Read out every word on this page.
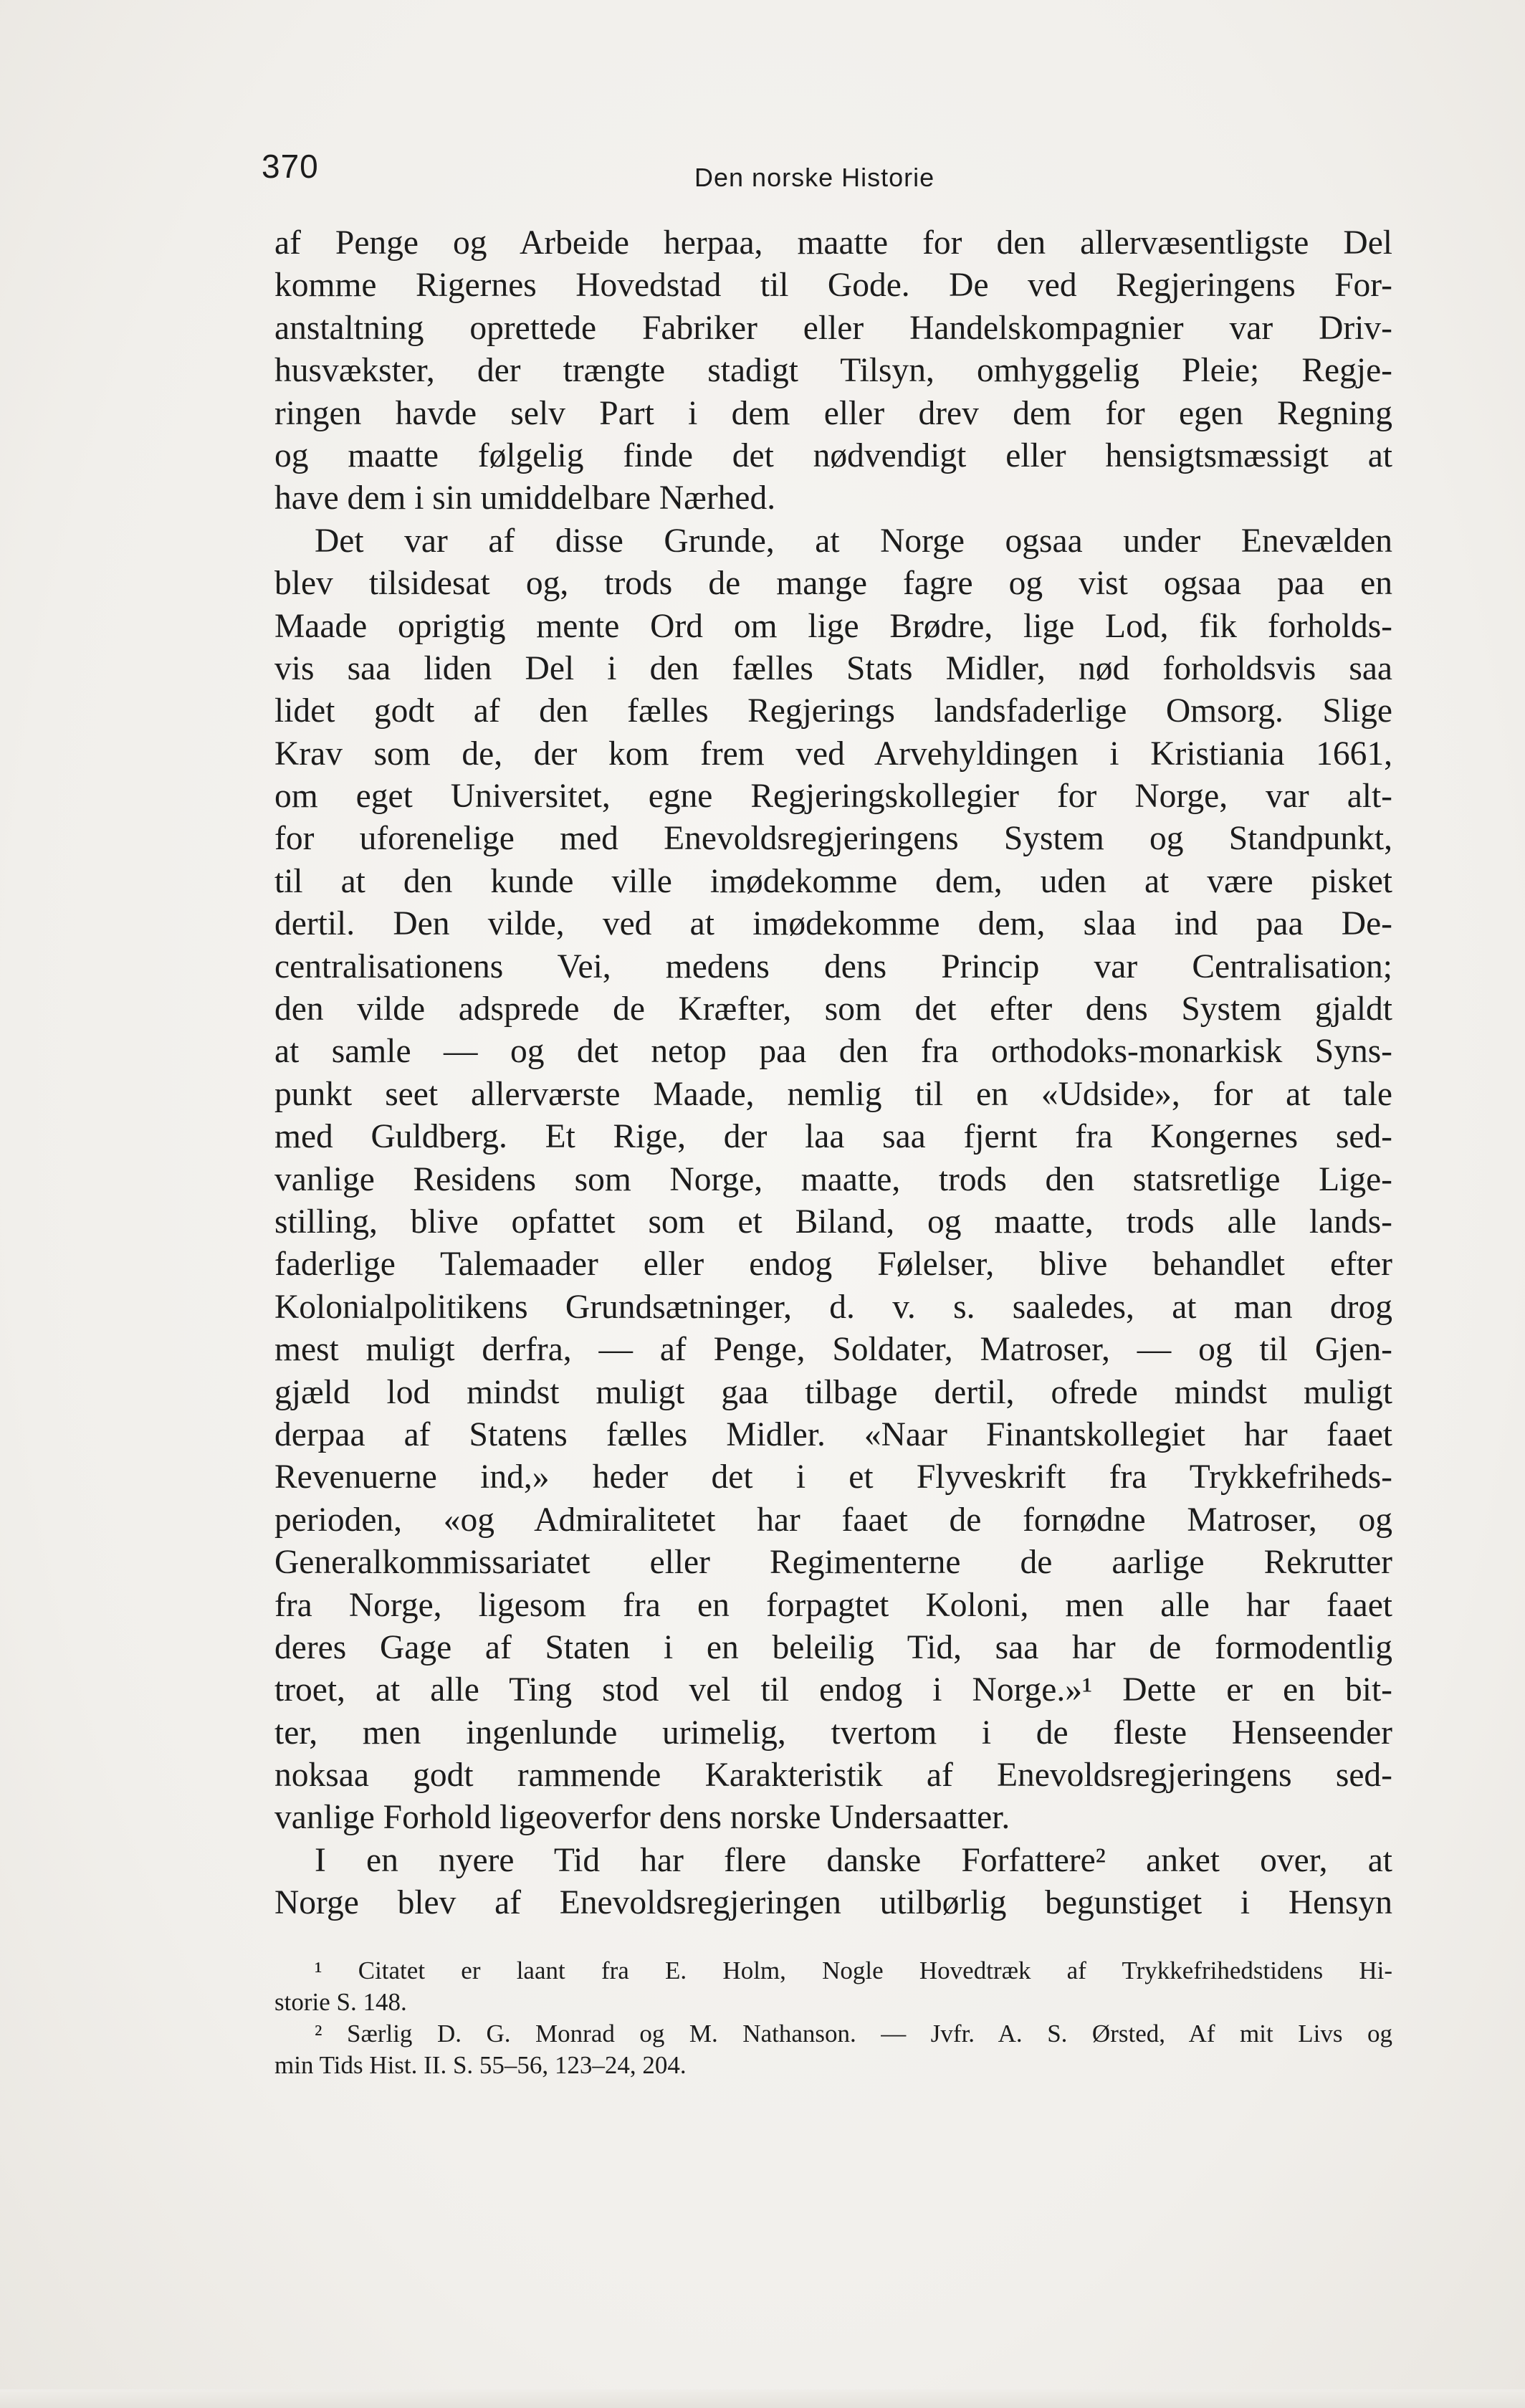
370	Den norske Historie
af Penge og Arbeide herpaa, maatte for den allervæsentligste Del
komme Rigernes Hovedstad til Gode. De ved Regjeringens For-
anstaltning oprettede Fabriker eller Handelskompagnier var Driv-
husvækster, der trængte stadigt Tilsyn, omhyggelig Pleie; Regje-
ringen havde selv Part i dem eller drev dem for egen Regning
og maatte følgelig finde det nødvendigt eller hensigtsmæssigt at
have dem i sin umiddelbare Nærhed.
Det var af disse Grunde, at Norge ogsaa under Enevælden
blev tilsidesat og, trods de mange fagre og vist ogsaa paa en
Maade oprigtig mente Ord om lige Brødre, lige Lod, fik forholds-
vis saa liden Del i den fælles Stats Midler, nød forholdsvis saa
lidet godt af den fælles Regjerings landsfaderlige Omsorg. Slige
Krav som de, der kom frem ved Arvehyldingen i Kristiania 1661,
om eget Universitet, egne Regjeringskollegier for Norge, var alt-
for uforenelige med Enevoldsregjeringens System og Standpunkt,
til at den kunde ville imødekomme dem, uden at være pisket
dertil. Den vilde, ved at imødekomme dem, slaa ind paa De-
centralisationens Vei, medens dens Princip var Centralisation;
den vilde adsprede de Kræfter, som det efter dens System gjaldt
at samle — og det netop paa den fra orthodoks-monarkisk Syns-
punkt seet allerværste Maade, nemlig til en «Udside», for at tale
med Guldberg. Et Rige, der laa saa fjernt fra Kongernes sed-
vanlige Residens som Norge, maatte, trods den statsretlige Lige-
stilling, blive opfattet som et Biland, og maatte, trods alle lands-
faderlige Talemaader eller endog Følelser, blive behandlet efter
Kolonialpolitikens Grundsætninger, d. v. s. saaledes, at man drog
mest muligt derfra, — af Penge, Soldater, Matroser, — og til Gjen-
gjæld lod mindst muligt gaa tilbage dertil, ofrede mindst muligt
derpaa af Statens fælles Midler. «Naar Finantskollegiet har faaet
Revenuerne ind,» heder det i et Flyveskrift fra Trykkefriheds-
perioden, «og Admiralitetet har faaet de fornødne Matroser, og
Generalkommissariatet eller Regimenterne de aarlige Rekrutter
fra Norge, ligesom fra en forpagtet Koloni, men alle har faaet
deres Gage af Staten i en beleilig Tid, saa har de formodentlig
troet, at alle Ting stod vel til endog i Norge.»¹ Dette er en bit-
ter, men ingenlunde urimelig, tvertom i de fleste Henseender
noksaa godt rammende Karakteristik af Enevoldsregjeringens sed-
vanlige Forhold ligeoverfor dens norske Undersaatter.
I en nyere Tid har flere danske Forfattere² anket over, at
Norge blev af Enevoldsregjeringen utilbørlig begunstiget i Hensyn
¹ Citatet er laant fra E. Holm, Nogle Hovedtræk af Trykkefrihedstidens Hi-
storie S. 148.
² Særlig D. G. Monrad og M. Nathanson. — Jvfr. A. S. Ørsted, Af mit Livs og
min Tids Hist. II. S. 55–56, 123–24, 204.
